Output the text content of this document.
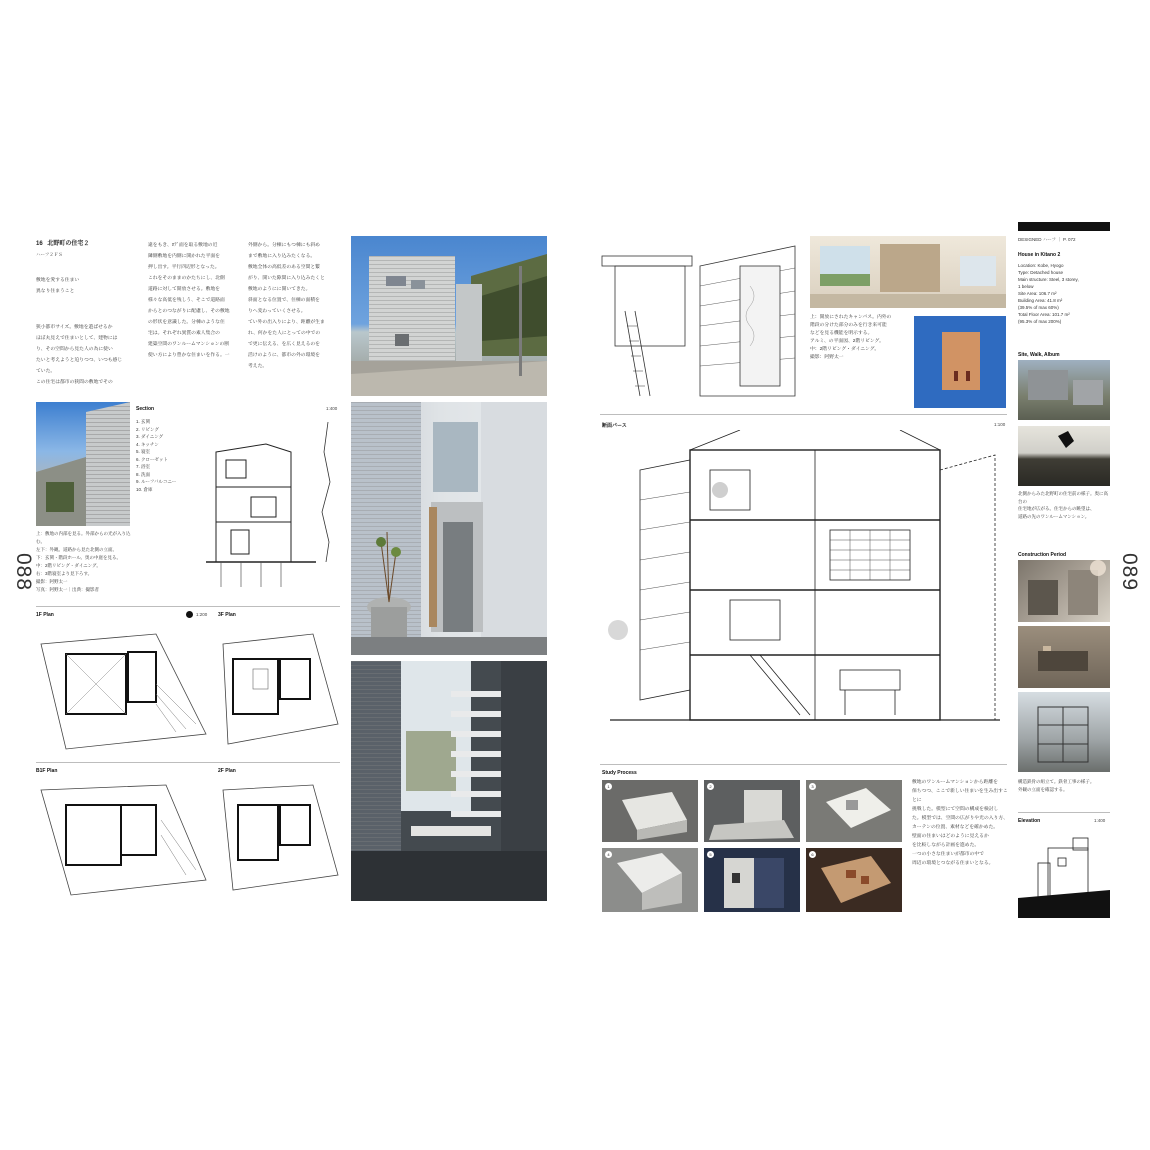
088	089
16 北野町の住宅２
ハーフ２ＦＳ
敷地を愛する住まい
異なり住まうこと
狭小都市サイズ。敷地を遊ばせるか
ほぼ丸見えで住まいとして、建物には
り、その空間から見た人の為に使い
たいと考えようと迫りつつ、いつも感じ
ていた。
この住宅は都市の狭間の敷地でその
違をもき、ﾛﾃﾞ面を取る敷地の近
隣側敷地を内側に開かれた平面を
押し出す。平行四辺形となった。
これをそのままのかたちにし、北側
道路に対して開放させる。敷地を
様々な高低を残しう、そこで道路面
からとのつながりに配慮し、その敷地
の形状を意識した。分棟のような住
宅は。それぞれ異質の素人集合の
建築空間のワンルームマンションの断
使い方により豊かな住まいを作る。一
外側から。分棟にもつ棟にも斜め
まで敷地に入り込みたくなる。
敷地全体の高低差のある空間と繋
がり、開いた隙間に入り込みたくと
敷地のようにに開いてきた。
斜面となる位置で、住棟の面積を
りへ変わっていくさせる。
てい外の出入りにより、距離が生ま
れ、何かをた人にとっての中での
で更に伝える、を広く見えるのを
活けのように、都市の外の環境を
考えた。
Section	1:400
1. 玄関
2. リビング
3. ダイニング
4. キッチン
5. 寝室
6. クローゼット
7. 浴室
8. 洗面
9. ルーフバルコニー
10. 倉庫
上：敷地の内部を見る。外部からの光が入り込む。
左下：外観。道路から見た北側の立面。
下：玄関・階段ホール。奥の中庭を見る。
中：2階リビング・ダイニング。
右：3階寝室より見下ろす。
撮影：阿野太一
写真：阿野太一｜出典：撮影者
1F Plan	1:200 3F Plan
B1F Plan	2F Plan
上：開放にされたキャンバス。内外の
階段の分けた部分のみを行き来可能
などを見る機能を明示する。
アルミ、の平面図、2階リビング。
中：2階リビング・ダイニング。
撮影：阿野太一
断面パース	1:100
Study Process
1	2	3
4	5	6
敷地のワンルームマンションから距離を
保ちつつ、ここで新しい住まいを生み出すことに
挑戦した。模型にて空間の構成を検討し
た。模型では、空間の広がりや光の入り方、
カーテンの位置、素材などを確かめた。
壁面の住まいはどのように見えるか
を比較しながら計画を進めた。
一つの小さな住まいが都市の中で
周辺の環境とつながる住まいとなる。
DESIGNED ハーフ ｜ P. 072
House in Kitano 2
Location: Kobe, Hyogo
Type: Detached house
Main structure: Steel, 3 storey,
1 below
Site Area: 106.7 m²
Building Area: 41.8 m²
(39.5% of max 60%)
Total Floor Area: 101.7 m²
(95.3% of max 200%)
Site, Walk, Album
北側からみた北野町の住宅前の様子。奥に高台の
住宅地が広がる。住宅からの眺望は、
道路の先のワンルームマンション。
Construction Period
構造鉄骨の組立て。鉄骨工事の様子。
外観の立面を確認する。
Elevation	1:400
